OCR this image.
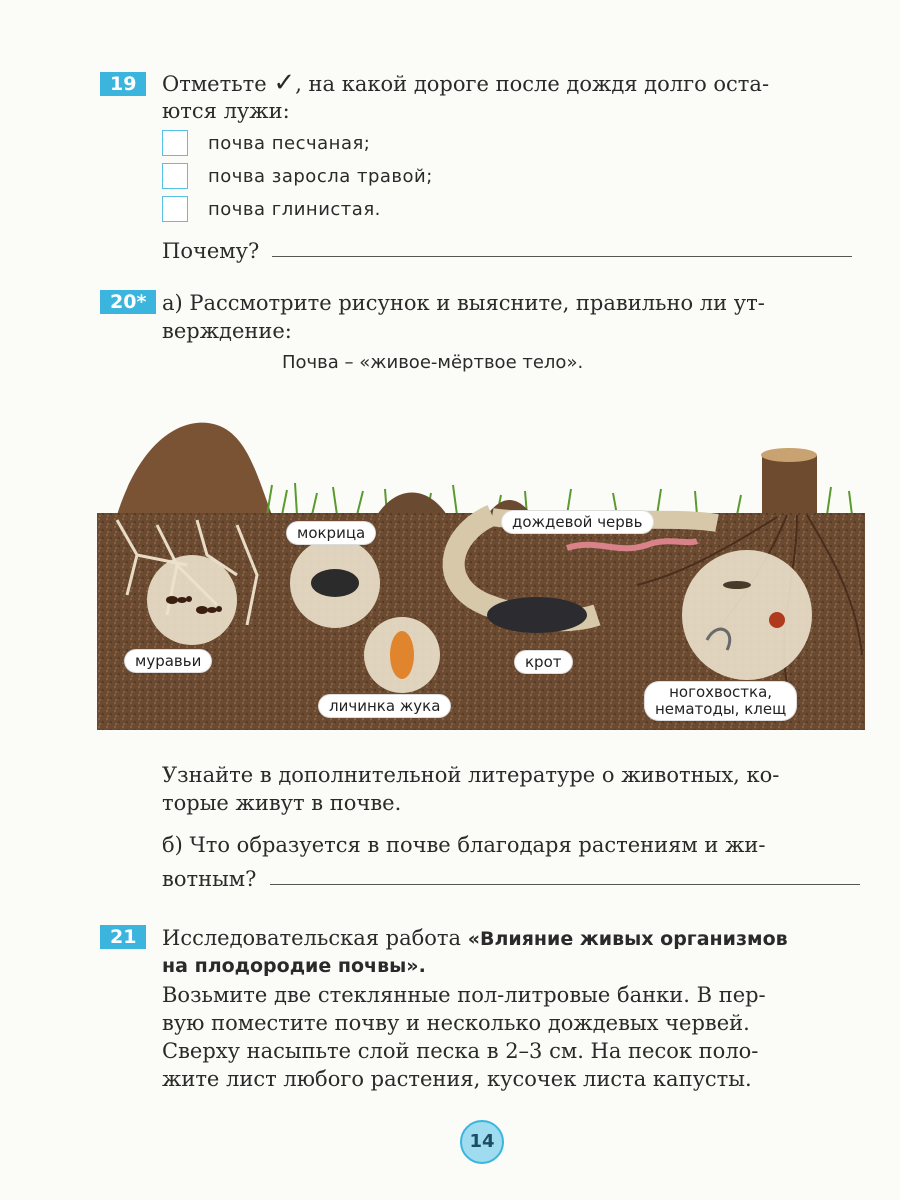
19	Отметьте ✓, на какой дороге после дождя долго оста-
ются лужи:
почва песчаная;
почва заросла травой;
почва глинистая.
Почему?
20* а) Рассмотрите рисунок и выясните, правильно ли ут-
верждение:
Почва – «живое-мёртвое тело».
мокрица
дождевой червь
муравьи	крот
личинка жука
ногохвостка,
нематоды, клещ
Узнайте в дополнительной литературе о животных, ко-
торые живут в почве.
б) Что образуется в почве благодаря растениям и жи-
вотным?
21	Исследовательская работа «Влияние живых организмов
на плодородие почвы».
Возьмите две стеклянные пол-литровые банки. В пер-
вую поместите почву и несколько дождевых червей.
Сверху насыпьте слой песка в 2–3 см. На песок поло-
жите лист любого растения, кусочек листа капусты.
14
